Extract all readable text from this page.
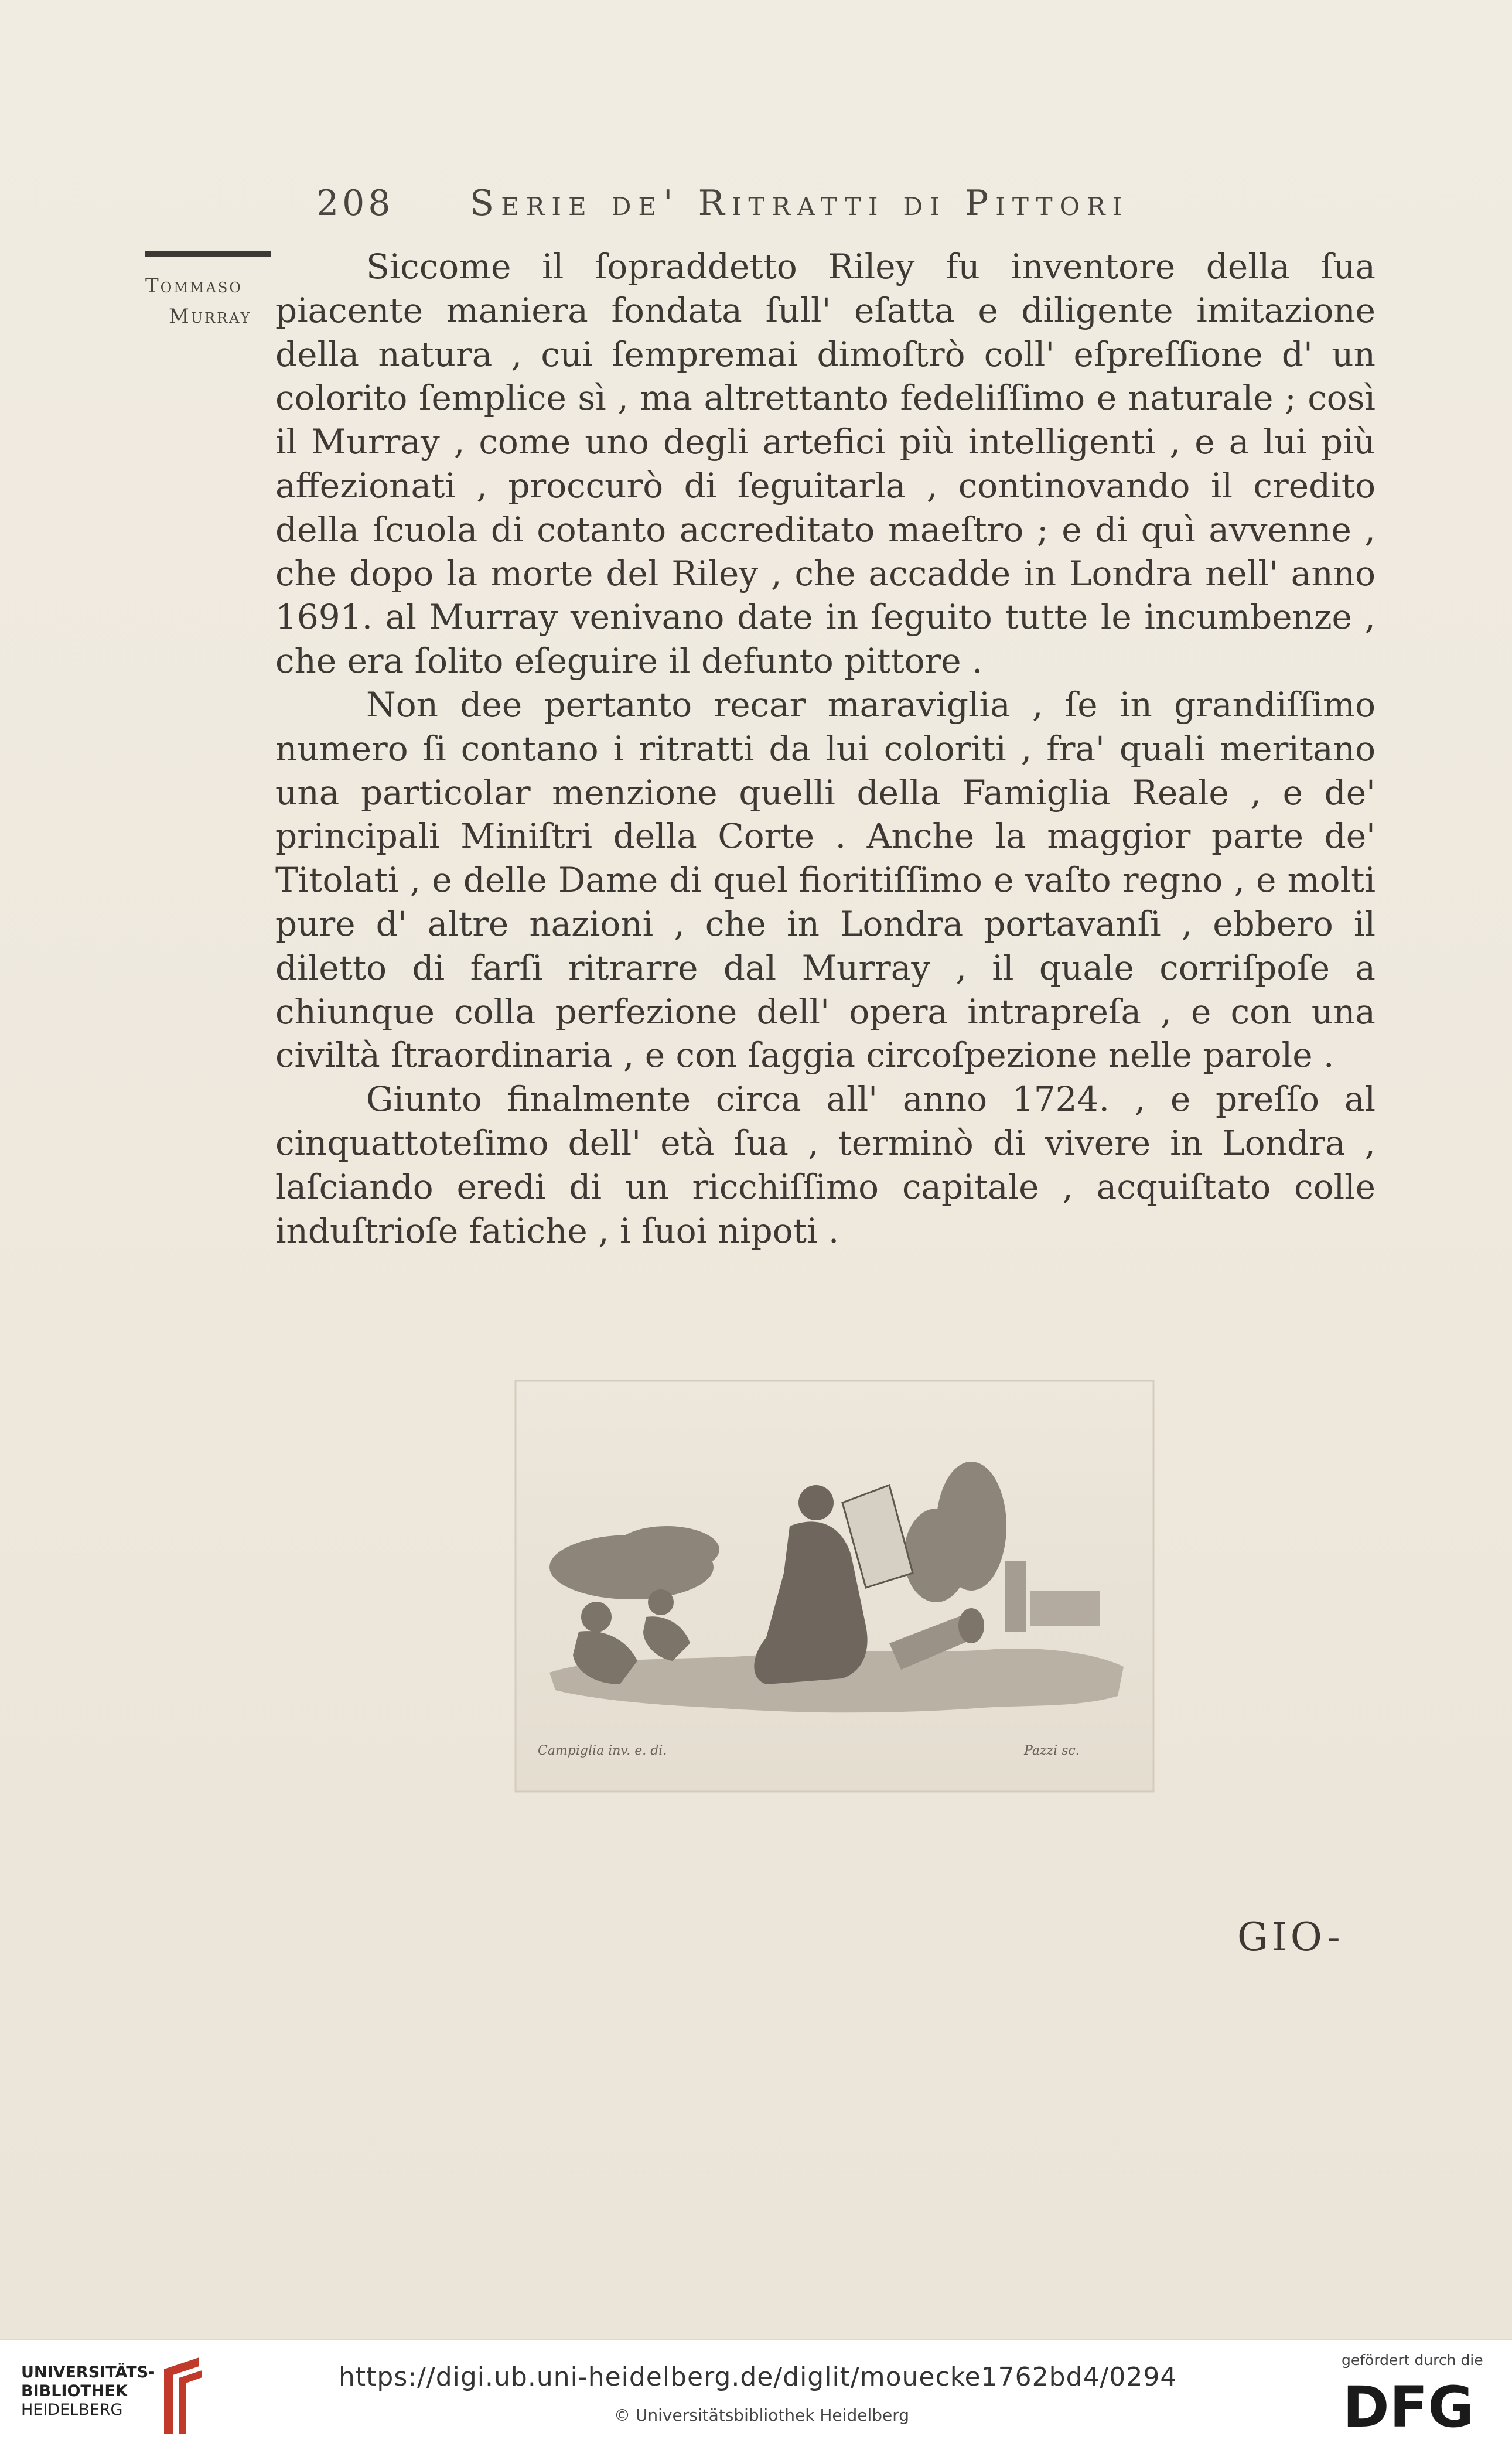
208 Serie de' Ritratti di Pittori
Tommaso
Murray

Siccome il ſopraddetto Riley fu inventore della ſua piacente maniera fondata ſull' eſatta e diligente imitazione della natura , cui ſempremai dimoſtrò coll' eſpreſſione d' un colorito ſemplice sì , ma altrettanto fedeliſſimo e naturale ; così il Murray , come uno degli artefici più intelligenti , e a lui più affezionati , proccurò di ſeguitarla , continovando il credito della ſcuola di cotanto accreditato maeſtro ; e di quì avvenne , che dopo la morte del Riley , che accadde in Londra nell' anno 1691. al Murray venivano date in ſeguito tutte le incumbenze , che era ſolito eſeguire il defunto pittore .

Non dee pertanto recar maraviglia , ſe in grandiſſimo numero ſi contano i ritratti da lui coloriti , fra' quali meritano una particolar menzione quelli della Famiglia Reale , e de' principali Miniſtri della Corte . Anche la maggior parte de' Titolati , e delle Dame di quel fioritiſſimo e vaſto regno , e molti pure d' altre nazioni , che in Londra portavanſi , ebbero il diletto di farſi ritrarre dal Murray , il quale corriſpoſe a chiunque colla perfezione dell' opera intrapreſa , e con una civiltà ſtraordinaria , e con ſaggia circoſpezione nelle parole .

Giunto finalmente circa all' anno 1724. , e preſſo al cinquattoteſimo dell' età ſua , terminò di vivere in Londra , laſciando eredi di un ricchiſſimo capitale , acquiſtato colle induſtrioſe fatiche , i ſuoi nipoti .

Campiglia inv. e. di.	Pazzi sc.
GIO-
UNIVERSITÄTS-
BIBLIOTHEK
HEIDELBERG
https://digi.ub.uni-heidelberg.de/diglit/mouecke1762bd4/0294
© Universitätsbibliothek Heidelberg
gefördert durch die
DFG
